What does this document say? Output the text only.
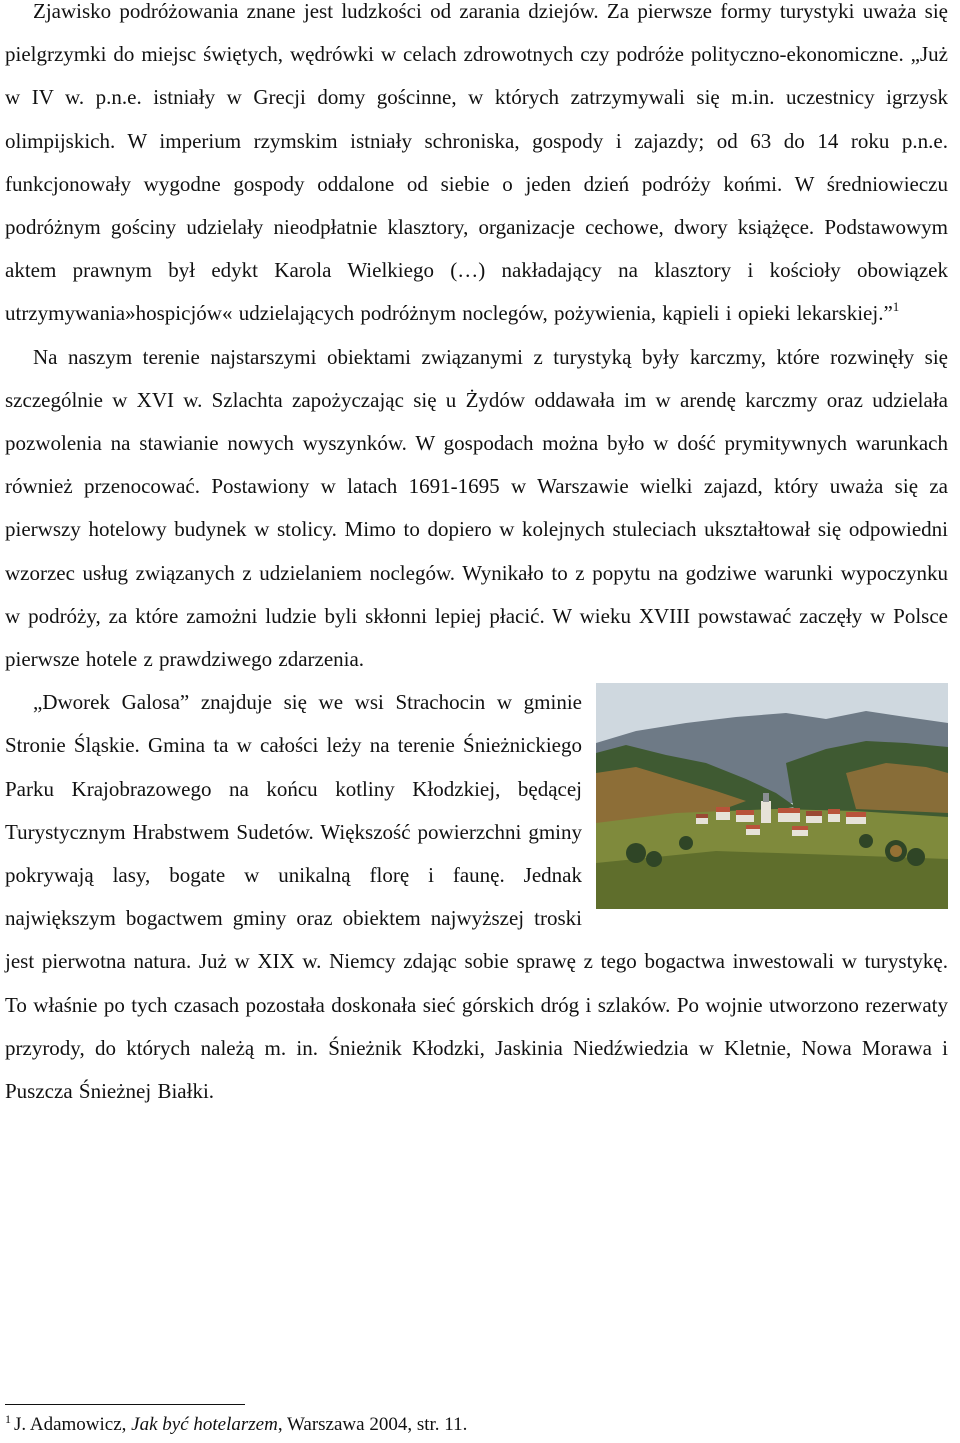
Zjawisko podróżowania znane jest ludzkości od zarania dziejów. Za pierwsze formy turystyki uważa się pielgrzymki do miejsc świętych, wędrówki w celach zdrowotnych czy podróże polityczno-ekonomiczne. „Już w IV w. p.n.e. istniały w Grecji domy gościnne, w których zatrzymywali się m.in. uczestnicy igrzysk olimpijskich. W imperium rzymskim istniały schroniska, gospody i zajazdy; od 63 do 14 roku p.n.e. funkcjonowały wygodne gospody oddalone od siebie o jeden dzień podróży końmi. W średniowieczu podróżnym gościny udzielały nieodpłatnie klasztory, organizacje cechowe, dwory książęce. Podstawowym aktem prawnym był edykt Karola Wielkiego (…) nakładający na klasztory i kościoły obowiązek utrzymywania»hospicjów« udzielających podróżnym noclegów, pożywienia, kąpieli i opieki lekarskiej.”$^1$

Na naszym terenie najstarszymi obiektami związanymi z turystyką były karczmy, które rozwinęły się szczególnie w XVI w. Szlachta zapożyczając się u Żydów oddawała im w arendę karczmy oraz udzielała pozwolenia na stawianie nowych wyszynków. W gospodach można było w dość prymitywnych warunkach również przenocować. Postawiony w latach 1691-1695 w Warszawie wielki zajazd, który uważa się za pierwszy hotelowy budynek w stolicy. Mimo to dopiero w kolejnych stuleciach ukształtował się odpowiedni wzorzec usług związanych z udzielaniem noclegów. Wynikało to z popytu na godziwe warunki wypoczynku w podróży, za które zamożni ludzie byli skłonni lepiej płacić. W wieku XVIII powstawać zaczęły w Polsce pierwsze hotele z prawdziwego zdarzenia.

„Dworek Galosa” znajduje się we wsi Strachocin w gminie Stronie Śląskie. Gmina ta w całości leży na terenie Śnieżnickiego Parku Krajobrazowego na końcu kotliny Kłodzkiej, będącej Turystycznym Hrabstwem Sudetów. Większość powierzchni gminy pokrywają lasy, bogate w unikalną florę i faunę. Jednak największym bogactwem gminy oraz obiektem najwyższej troski jest pierwotna natura. Już w XIX w. Niemcy zdając sobie sprawę z tego bogactwa inwestowali w turystykę. To właśnie po tych czasach pozostała doskonała sieć górskich dróg i szlaków. Po wojnie utworzono rezerwaty przyrody, do których należą m. in. Śnieżnik Kłodzki, Jaskinia Niedźwiedzia w Kletnie, Nowa Morawa i Puszcza Śnieżnej Białki.
$^1$ J. Adamowicz, Jak być hotelarzem, Warszawa 2004, str. 11.
